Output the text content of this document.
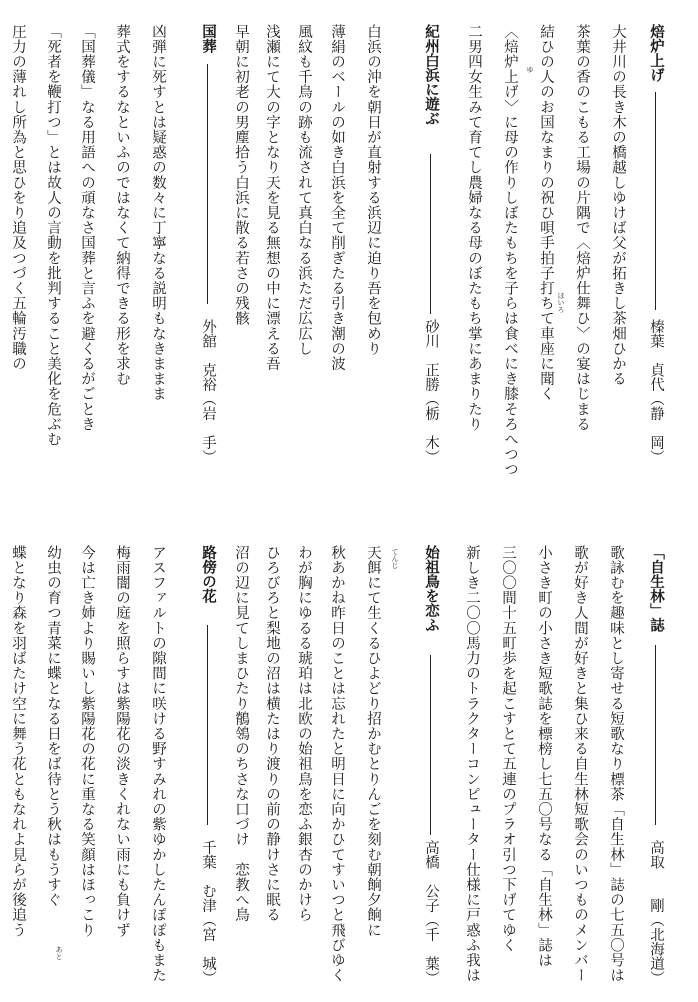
焙炉上げ
榛葉　貞代（静　岡）
大井川の長き木の橋越しゆけば父が拓きし茶畑ひかる
茶葉の香のこもる工場の片隅で〈焙炉仕舞ひ〉の宴はじまる
結ひの人のお国なまりの祝ひ唄手拍子打ちて車座に聞く
〈焙炉上げ〉に母の作りしぼたもちを子らは食べにき膝そろへつつ
二男四女生みて育てし農婦なる母のぼたもち掌にあまりたり
紀州白浜に遊ぶ
砂川　正勝（栃　木）
白浜の沖を朝日が直射する浜辺に迫り吾を包めり
薄絹のベールの如き白浜を全て削ぎたる引き潮の波
風紋も千鳥の跡も流されて真白なる浜ただ広広し
浅瀬にて大の字となり天を見る無想の中に漂える吾
早朝に初老の男塵拾う白浜に散る若さの残骸
国葬
外舘　克裕（岩　手）
凶弾に死すとは疑惑の数々に丁寧なる説明もなきままま
葬式をするなといふのではなくて納得できる形を求む
「国葬儀」なる用語への頑なさ国葬と言ふを避くるがごとき
「死者を鞭打つ」とは故人の言動を批判すること美化を危ぶむ
圧力の薄れし所為と思ひをり追及つづく五輪汚職の
「自生林」誌
高取　　剛（北海道）
歌詠むを趣味とし寄せる短歌なり標茶「自生林」誌の七五〇号は
歌が好き人間が好きと集ひ来る自生林短歌会のいつものメンバー
小さき町の小さき短歌誌を標榜し七五〇号なる「自生林」誌は
三〇〇間十五町歩を起こすとて五連のプラオ引つ下げてゆく
新しき二〇〇馬力のトラクターコンピューター仕様に戸惑ふ我は
始祖鳥を恋ふ
高橋　公子（千　葉）
天餌にて生くるひよどり招かむとりんごを刻む朝餉夕餉に
秋あかね昨日のことは忘れたと明日に向かひてすいつと飛びゆく
わが胸にゆるる琥珀は北欧の始祖鳥を恋ふ銀杏のかけら
ひろびろと梨地の沼は横たはり渡りの前の静けさに眠る
沼の辺に見てしまひたり鶺鴒のちさな口づけ　恋教へ鳥
路傍の花
千葉　む津（宮　城）
アスファルトの隙間に咲ける野すみれの紫ゆかしたんぽぽもまた
梅雨闇の庭を照らすは紫陽花の淡きくれない雨にも負けず
今は亡き姉より賜いし紫陽花の花に重なる笑顔はほっこり
幼虫の育つ青菜に蝶となる日をば待とう秋はもうすぐ
蝶となり森を羽ばたけ空に舞う花ともなれよ見らが後追う
ほいろ
ゆ
てんじ
あと
